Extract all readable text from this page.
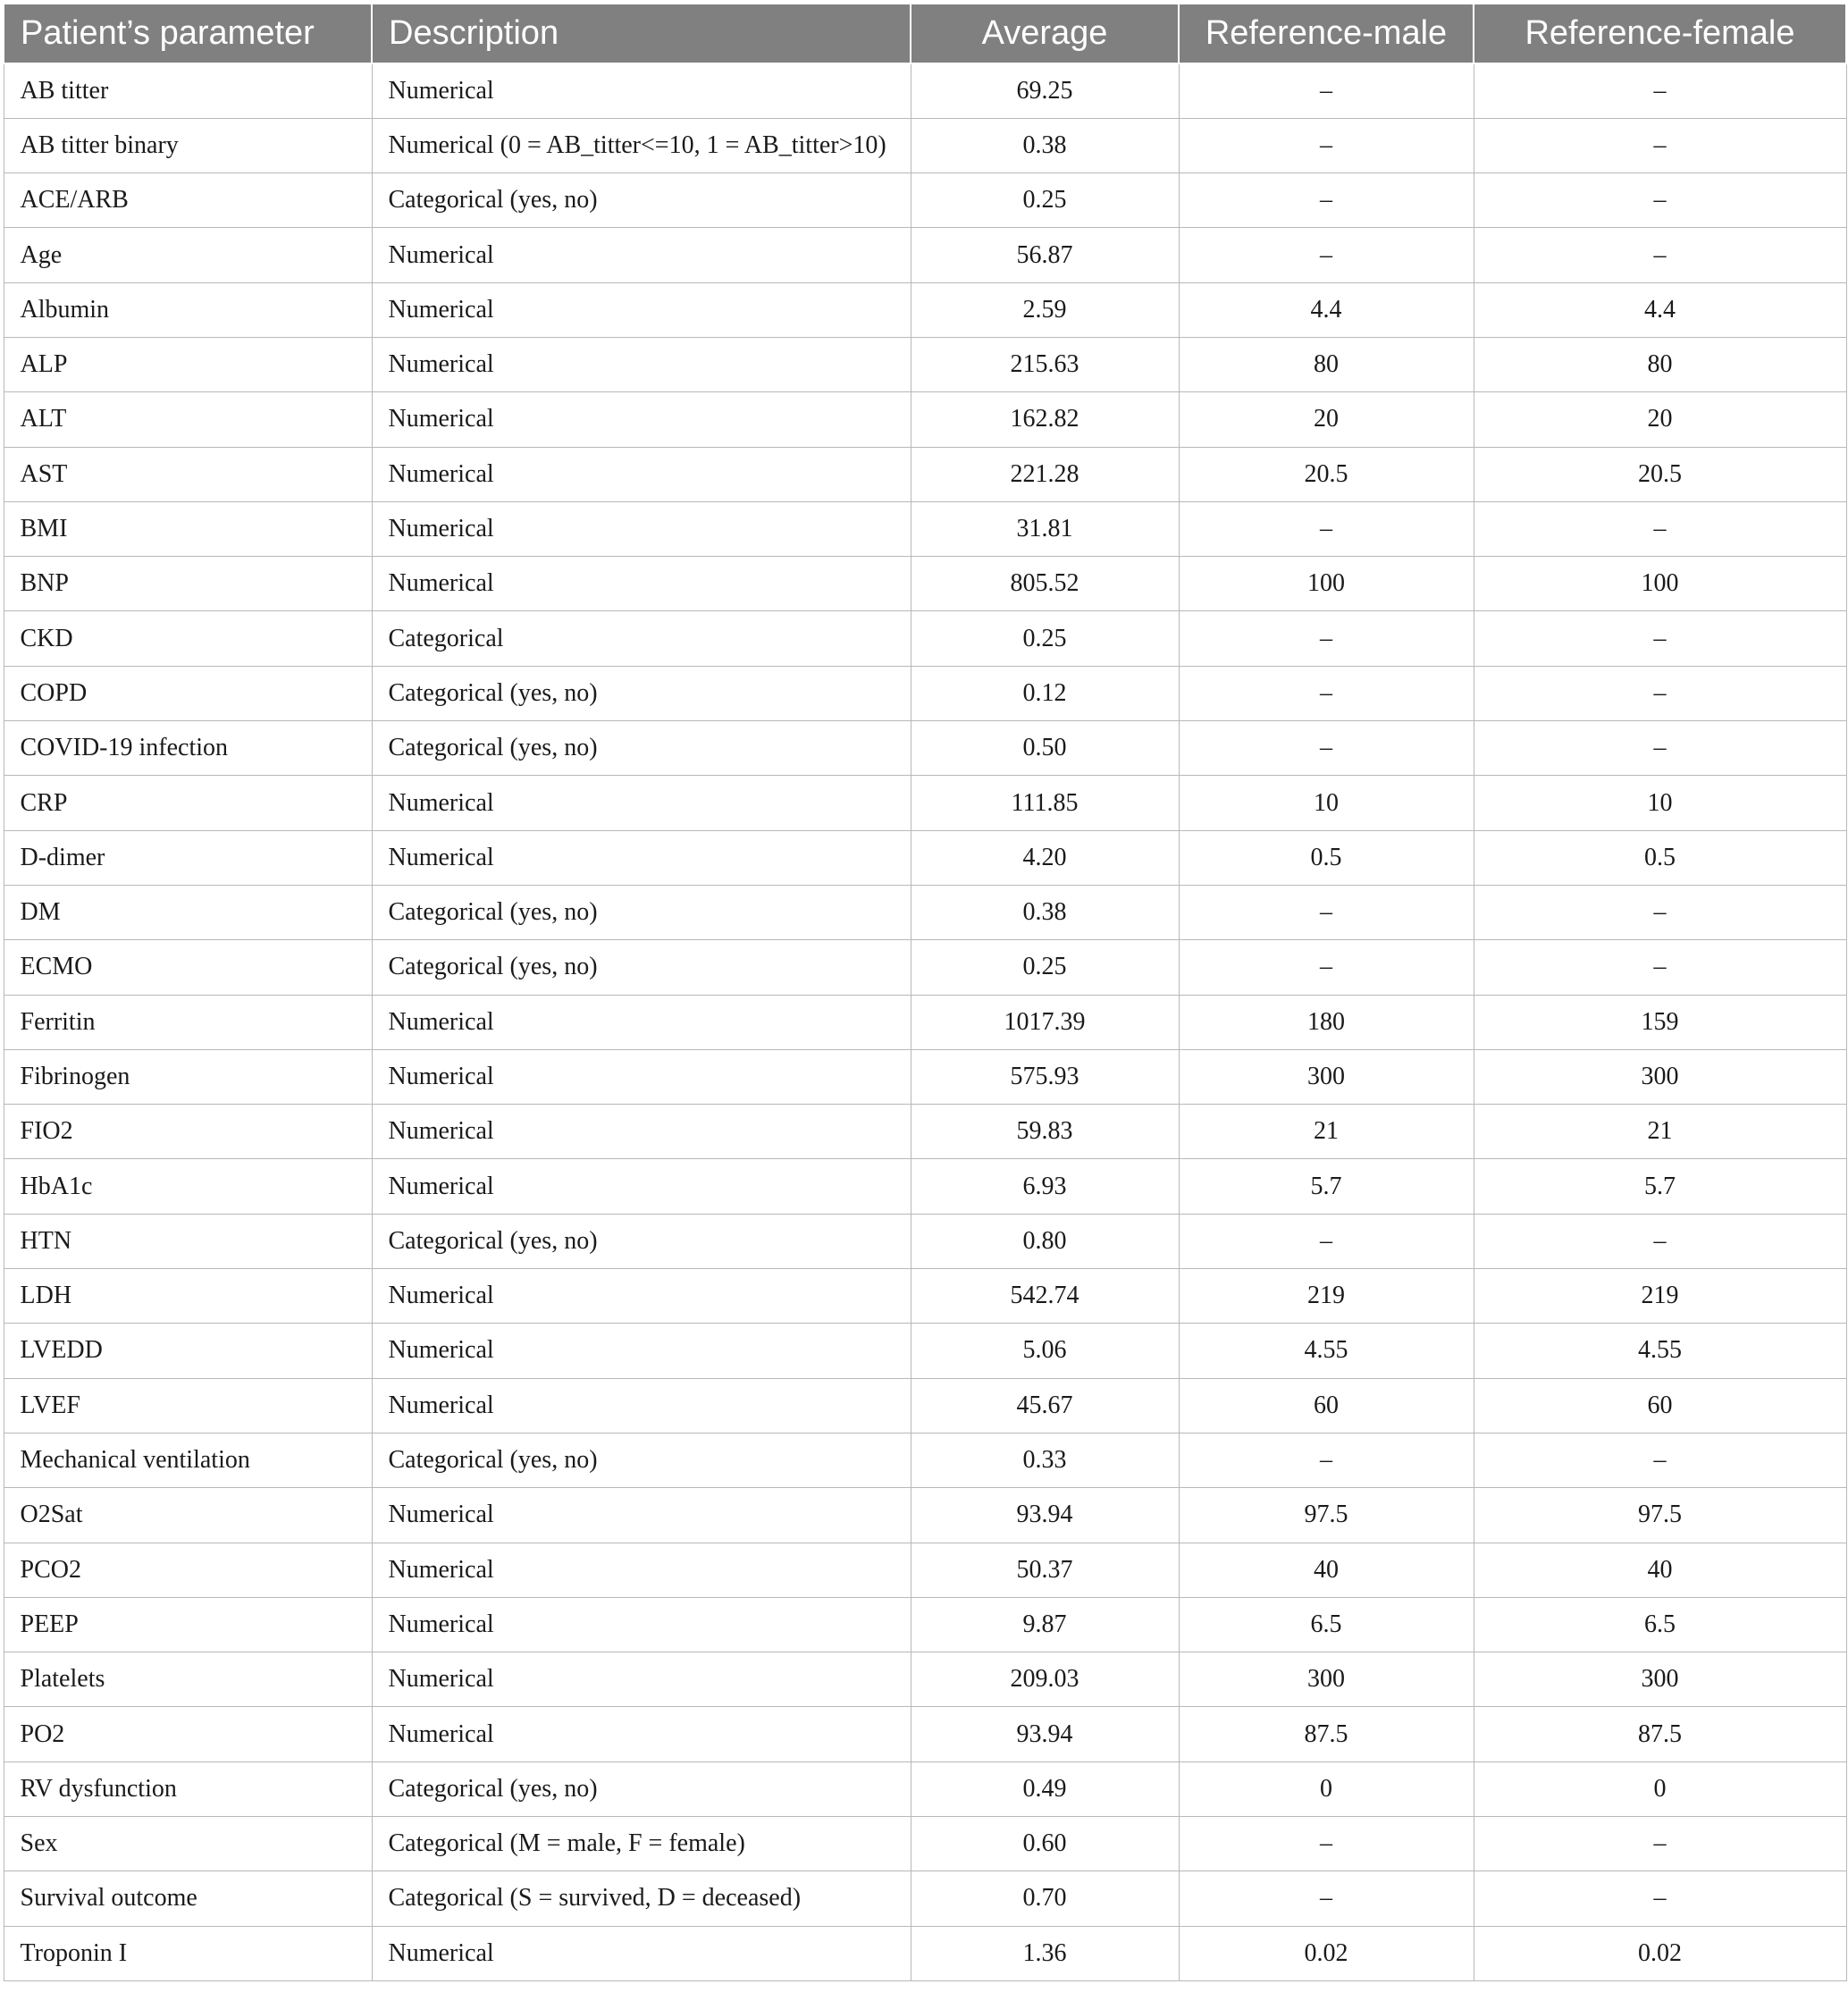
Patient’s parameter	Description	Average	Reference-male	Reference-female
AB titter	Numerical	69.25	–	–
AB titter binary	Numerical (0 = AB_titter<=10, 1 = AB_titter>10)	0.38	–	–
ACE/ARB	Categorical (yes, no)	0.25	–	–
Age	Numerical	56.87	–	–
Albumin	Numerical	2.59	4.4	4.4
ALP	Numerical	215.63	80	80
ALT	Numerical	162.82	20	20
AST	Numerical	221.28	20.5	20.5
BMI	Numerical	31.81	–	–
BNP	Numerical	805.52	100	100
CKD	Categorical	0.25	–	–
COPD	Categorical (yes, no)	0.12	–	–
COVID-19 infection	Categorical (yes, no)	0.50	–	–
CRP	Numerical	111.85	10	10
D-dimer	Numerical	4.20	0.5	0.5
DM	Categorical (yes, no)	0.38	–	–
ECMO	Categorical (yes, no)	0.25	–	–
Ferritin	Numerical	1017.39	180	159
Fibrinogen	Numerical	575.93	300	300
FIO2	Numerical	59.83	21	21
HbA1c	Numerical	6.93	5.7	5.7
HTN	Categorical (yes, no)	0.80	–	–
LDH	Numerical	542.74	219	219
LVEDD	Numerical	5.06	4.55	4.55
LVEF	Numerical	45.67	60	60
Mechanical ventilation	Categorical (yes, no)	0.33	–	–
O2Sat	Numerical	93.94	97.5	97.5
PCO2	Numerical	50.37	40	40
PEEP	Numerical	9.87	6.5	6.5
Platelets	Numerical	209.03	300	300
PO2	Numerical	93.94	87.5	87.5
RV dysfunction	Categorical (yes, no)	0.49	0	0
Sex	Categorical (M = male, F = female)	0.60	–	–
Survival outcome	Categorical (S = survived, D = deceased)	0.70	–	–
Troponin I	Numerical	1.36	0.02	0.02
